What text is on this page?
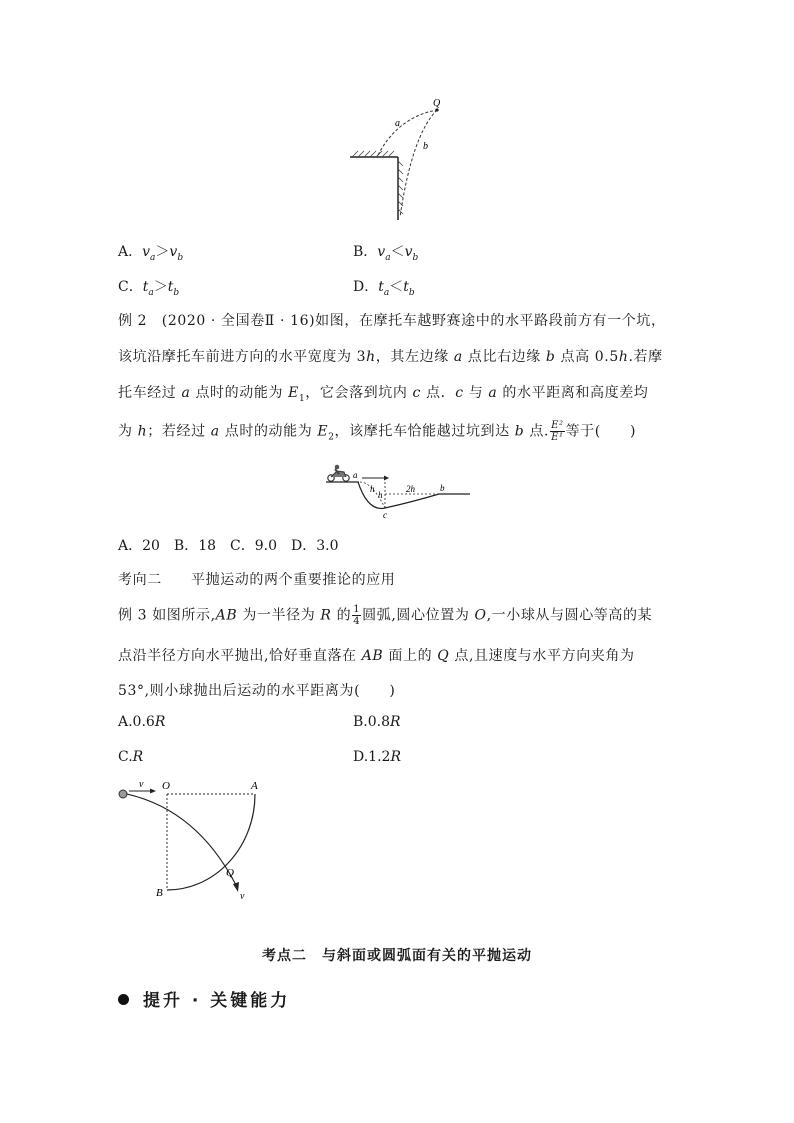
Q
a
b
A．$v_a>v_b$	B．$v_a<v_b$
C．$t_a>t_b$	D．$t_a<t_b$
例 2　(2020 · 全国卷Ⅱ · 16)如图，在摩托车越野赛途中的水平路段前方有一个坑，
该坑沿摩托车前进方向的水平宽度为 3h，其左边缘 a 点比右边缘 b 点高 0.5h.若摩
托车经过 a 点时的动能为 $E_1$，它会落到坑内 c 点．c 与 a 的水平距离和高度差均
为 h；若经过 a 点时的动能为 $E_2$，该摩托车恰能越过坑到达 b 点. $\frac{\text{E²}}{\text{E¹}}$ 等于(　　)
a
h
h
2h	b
c
A．20　B．18　C．9.0　D．3.0
考向二　　平抛运动的两个重要推论的应用
例 3 如图所示,AB 为一半径为 R 的 $\frac{1}{4}$ 圆弧,圆心位置为 O,一小球从与圆心等高的某
点沿半径方向水平抛出,恰好垂直落在 AB 面上的 Q 点,且速度与水平方向夹角为
53°,则小球抛出后运动的水平距离为(　　)
A.0.6R	B.0.8R
C.R	D.1.2R
v O	A
Q
B	v
考点二　与斜面或圆弧面有关的平抛运动
提升 · 关键能力
